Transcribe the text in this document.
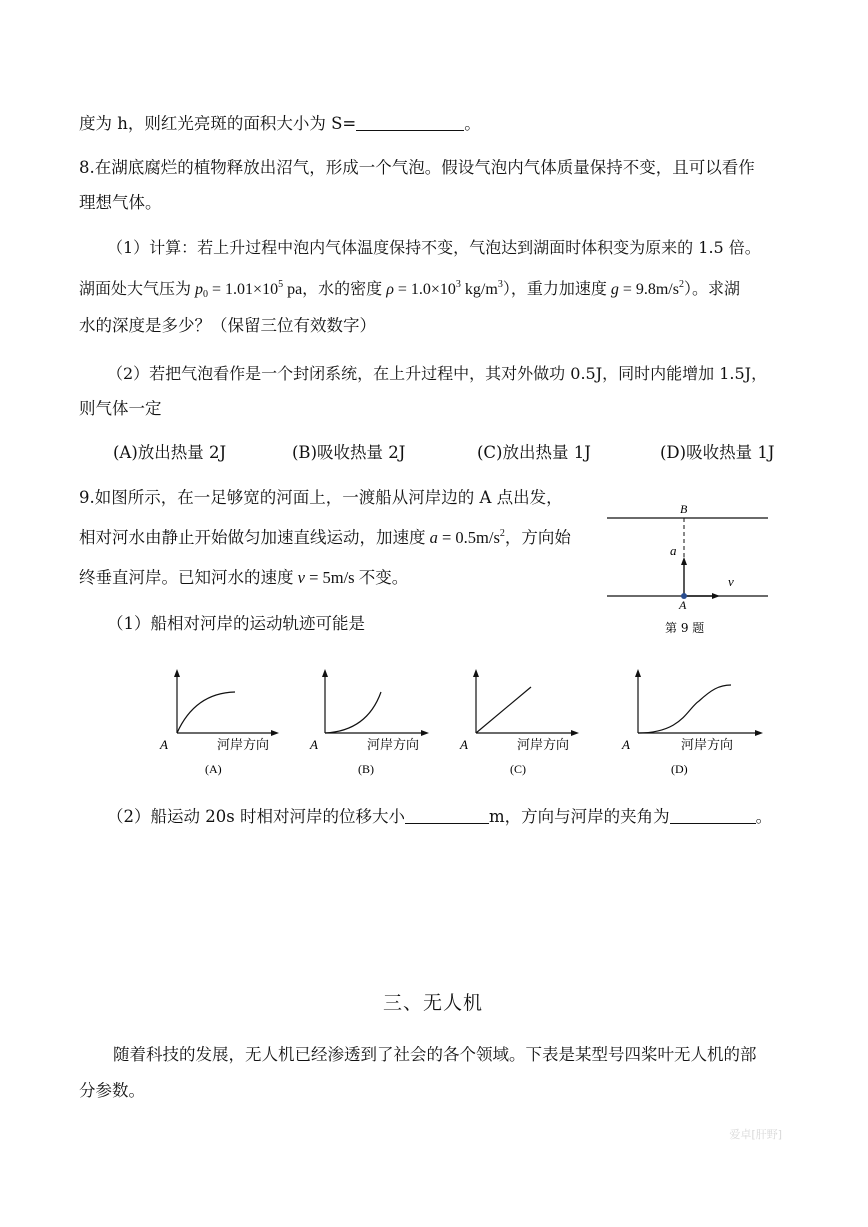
度为 h，则红光亮斑的面积大小为 S=	。
8.在湖底腐烂的植物释放出沼气，形成一个气泡。假设气泡内气体质量保持不变，且可以看作
理想气体。
（1）计算：若上升过程中泡内气体温度保持不变，气泡达到湖面时体积变为原来的 1.5 倍。
湖面处大气压为 $p_0 = 1.01\times 10^5$ pa，水的密度 $\rho = 1.0\times 10^3$ $kg/m^3$），重力加速度 $g = 9.8m/s^2$）。求湖
水的深度是多少？（保留三位有效数字）
（2）若把气泡看作是一个封闭系统，在上升过程中，其对外做功 0.5J，同时内能增加 1.5J，
则气体一定
(A)放出热量 2J	(B)吸收热量 2J	(C)放出热量 1J	(D)吸收热量 1J
9.如图所示，在一足够宽的河面上，一渡船从河岸边的 A 点出发，
相对河水由静止开始做匀加速直线运动，加速度 $a = 0.5m/s^2$，方向始
终垂直河岸。已知河水的速度 v = 5m/s 不变。
（1）船相对河岸的运动轨迹可能是
B
a
v
A
第 9 题
A	河岸方向
(A)
A	河岸方向
(B)
A	河岸方向
(C)
A	河岸方向
(D)
（2）船运动 20s 时相对河岸的位移大小	m，方向与河岸的夹角为	。
三、无人机
随着科技的发展，无人机已经渗透到了社会的各个领域。下表是某型号四桨叶无人机的部
分参数。
爱卓[肝野]
